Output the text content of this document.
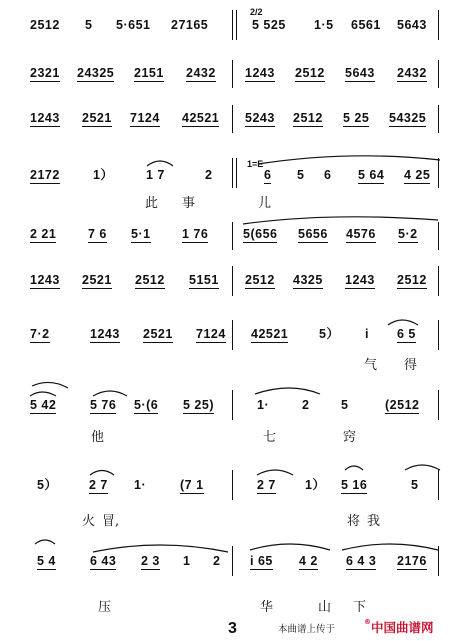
2512 5 5·651 27165
2/2
5 525 1·5 6561 5643
2321 24325 2151 2432 1243 2512 5643 2432
1243 2521 7124 42521 5243 2512 5 25 54325
2172	1）	1 7	2
1=E
6 5 6 5 64 4 25
此 事	儿
2 21	7 6 5·1	1 76	5(656 5656 4576 5·2
1243 2521 2512 5151 2512 4325 1243 2512
7·2	1243 2521 7124 42521 5） i 6 5
气 得
5 42	5 76 5·(6 5 25)	1·	2	5	(2512
他	七	窍
5）	2 7 1·	(7 1	2 7 1） 5 16	5
火 冒,	将 我
5 4	6 43 2 3 1 2 i 65 4 2 6 4 3 2176
压	华	山 下
3	本曲谱上传于
®中国曲谱网
